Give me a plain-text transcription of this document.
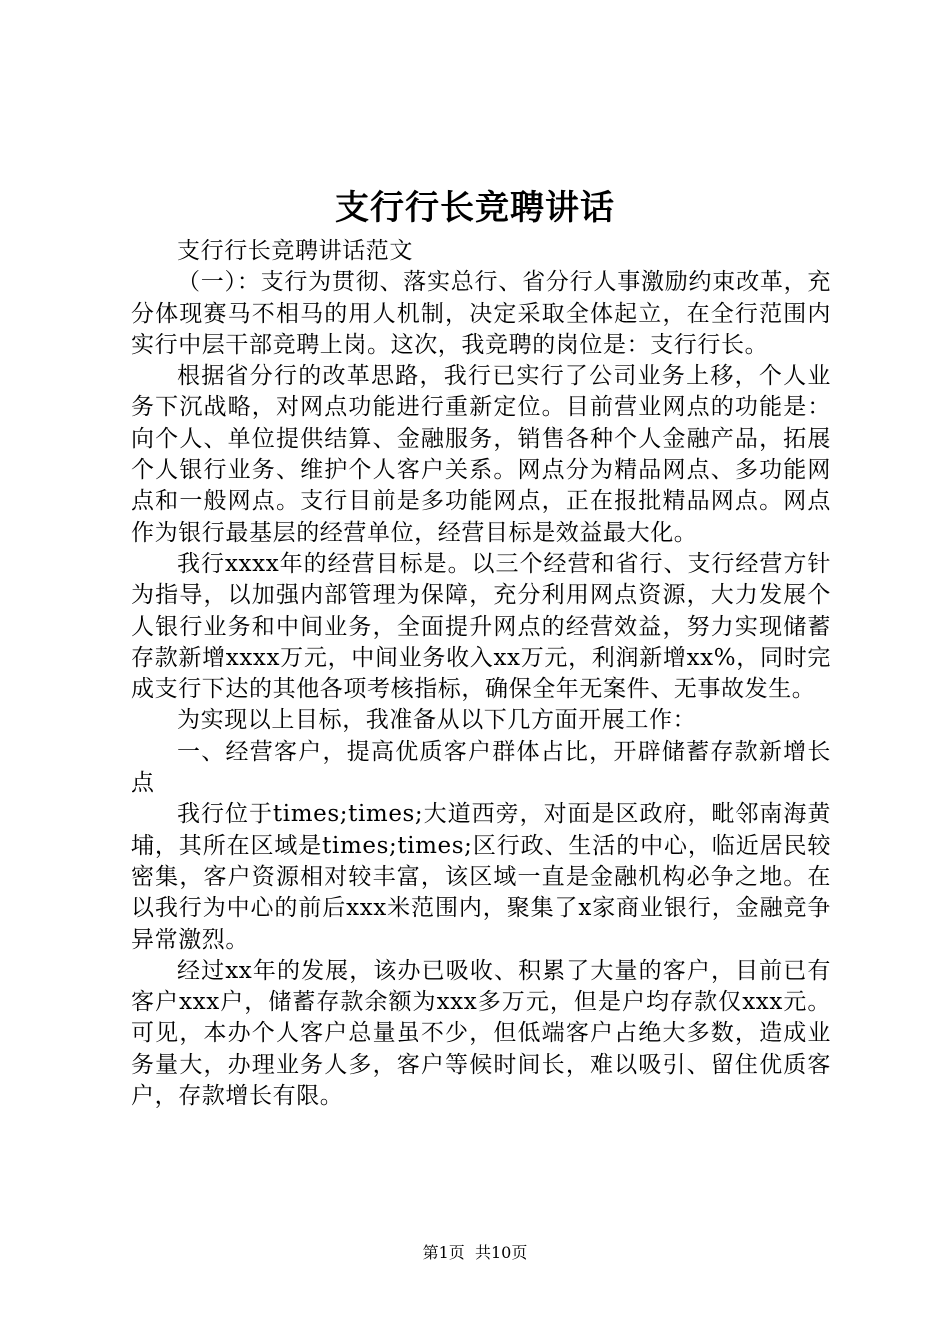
支行行长竞聘讲话

支行行长竞聘讲话范文

（一）：支行为贯彻、落实总行、省分行人事激励约束改革，充分体现赛马不相马的用人机制，决定采取全体起立，在全行范围内实行中层干部竞聘上岗。这次，我竞聘的岗位是：支行行长。

根据省分行的改革思路，我行已实行了公司业务上移，个人业务下沉战略，对网点功能进行重新定位。目前营业网点的功能是：向个人、单位提供结算、金融服务，销售各种个人金融产品，拓展个人银行业务、维护个人客户关系。网点分为精品网点、多功能网点和一般网点。支行目前是多功能网点，正在报批精品网点。网点作为银行最基层的经营单位，经营目标是效益最大化。

我行xxxx年的经营目标是。以三个经营和省行、支行经营方针为指导，以加强内部管理为保障，充分利用网点资源，大力发展个人银行业务和中间业务，全面提升网点的经营效益，努力实现储蓄存款新增xxxx万元，中间业务收入xx万元，利润新增xx%，同时完成支行下达的其他各项考核指标，确保全年无案件、无事故发生。

为实现以上目标，我准备从以下几方面开展工作：

一、经营客户，提高优质客户群体占比，开辟储蓄存款新增长点

我行位于times;times;大道西旁，对面是区政府，毗邻南海黄埔，其所在区域是times;times;区行政、生活的中心，临近居民较密集，客户资源相对较丰富，该区域一直是金融机构必争之地。在以我行为中心的前后xxx米范围内，聚集了x家商业银行，金融竞争异常激烈。

经过xx年的发展，该办已吸收、积累了大量的客户，目前已有客户xxx户，储蓄存款余额为xxx多万元，但是户均存款仅xxx元。可见，本办个人客户总量虽不少，但低端客户占绝大多数，造成业务量大，办理业务人多，客户等候时间长，难以吸引、留住优质客户，存款增长有限。

第1页 共10页
